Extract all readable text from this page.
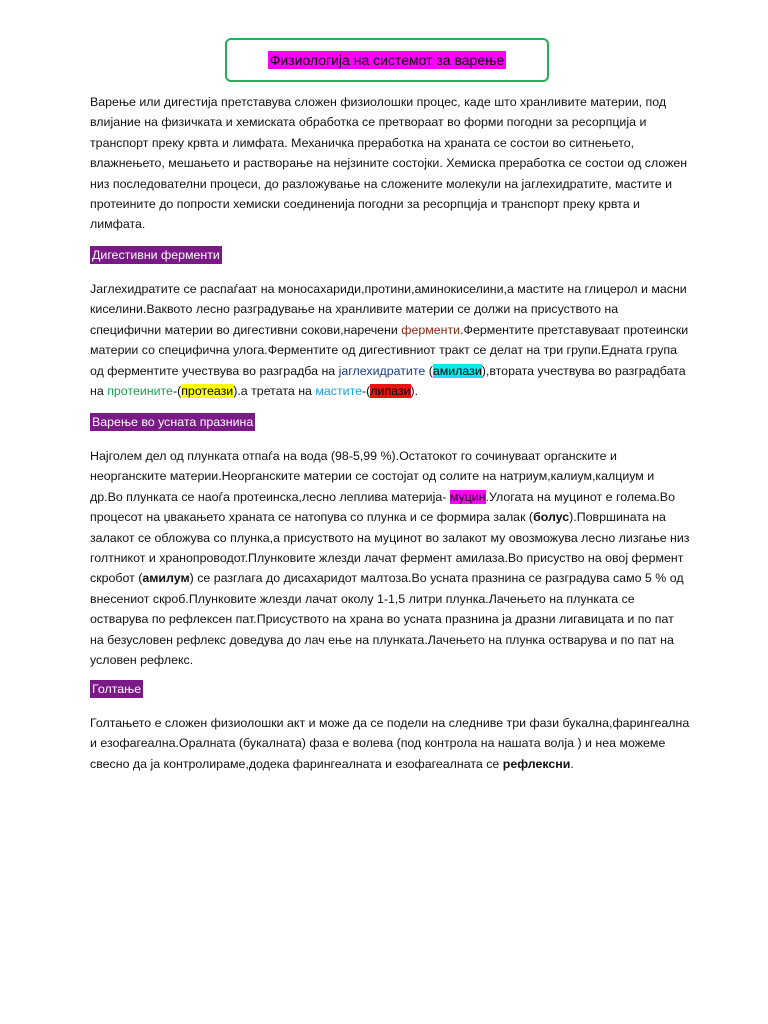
Физиологија на системот за варење

Варење или дигестија претставува сложен физиолошки процес, каде што хранливите материи, под влијание на физичката и хемиската обработка се претвораат во форми погодни за ресорпција и транспорт преку крвта и лимфата. Механичка преработка на храната се состои во ситнењето, влажнењето, мешањето и растворање на нејзините состојки. Хемиска преработка се состои од сложен низ последователни процеси, до разложување на сложените молекули на јаглехидратите, мастите и протеините до попрости хемиски соединенија погодни за ресорпција и транспорт преку крвта и лимфата.

Дигестивни ферменти

Јаглехидратите се распаѓаат на моносахариди,протини,аминокиселини,а мастите на глицерол и масни киселини.Ваквото лесно разградување на хранливите материи се должи на присуството на специфични материи во дигестивни сокови,наречени ферменти.Ферментите претставуваат протеински материи со специфична улога.Ферментите од дигестивниот тракт се делат на три групи.Едната група од ферментите учествува во разградба на јаглехидратите (амилази),втората учествува во разградбата на протеините-(протеази).а третата на мастите-(липази).

Варење во усната празнина

Најголем дел од плунката отпаѓа на вода (98-5,99 %).Остатокот го сочинуваат органските и неорганските материи.Неорганските материи се состојат од солите на натриум,калиум,калциум и др.Во плунката се наоѓа протеинска,лесно леплива материја- муцин.Улогата на муцинот е голема.Во процесот на џвакањето храната се натопува со плунка и се формира залак (болус).Површината на залакот се обложува со плунка,а присуството на муцинот во залакот му овозможува лесно лизгање низ голтникот и хранопроводот.Плунковите жлезди лачат фермент амилаза.Во присуство на овој фермент скробот (амилум) се разглага до дисахаридот малтоза.Во усната празнина се разградува само 5 % од внесениот скроб.Плунковите жлезди лачат околу 1-1,5 литри плунка.Лачењето на плунката се остварува по рефлексен пат.Присуството на храна во усната празнина ја дразни лигавицата и по пат на безусловен рефлекс доведува до лач ење на плунката.Лачењето на плунка остварува и по пат на условен рефлекс.

Голтање

Голтањето е сложен физиолошки акт и може да се подели на следниве три фази букална,фарингеална и езофагеална.Оралната (букалната) фаза е волева (под контрола на нашата волја ) и неа можеме свесно да ја контролираме,додека фарингеалната и езофагеалната се рефлексни.
